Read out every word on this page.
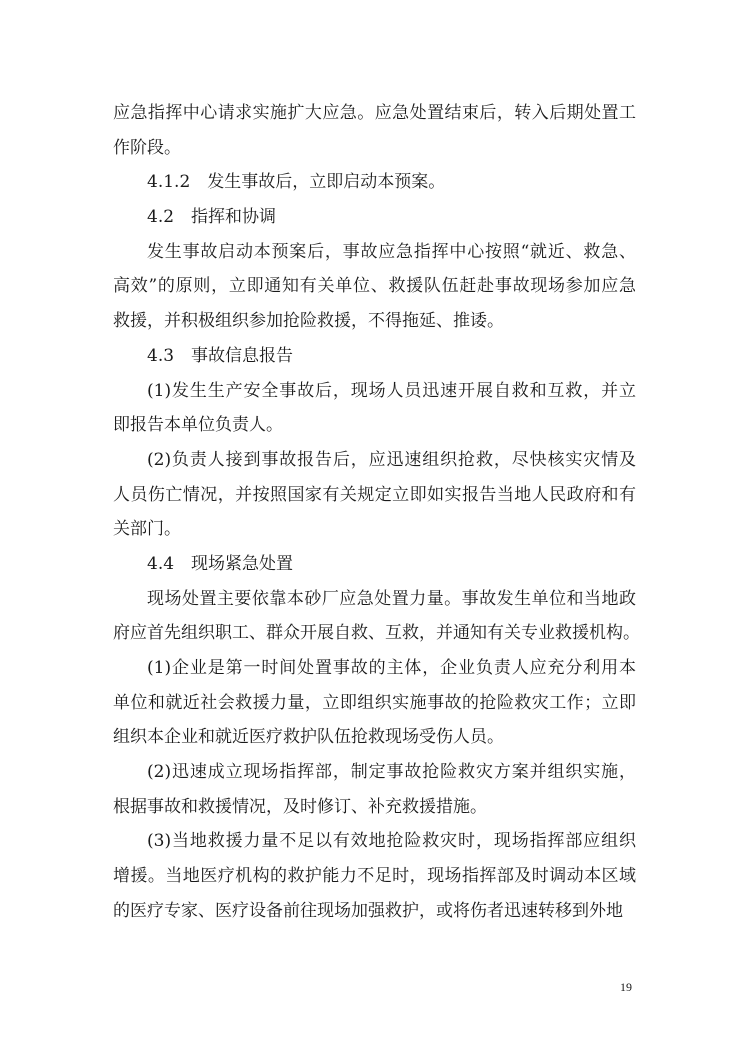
应急指挥中心请求实施扩大应急。应急处置结束后，转入后期处置工
作阶段。
4.1.2　发生事故后，立即启动本预案。
4.2　指挥和协调
发生事故启动本预案后，事故应急指挥中心按照“就近、救急、
高效”的原则，立即通知有关单位、救援队伍赶赴事故现场参加应急
救援，并积极组织参加抢险救援，不得拖延、推诿。
4.3　事故信息报告
(1)发生生产安全事故后，现场人员迅速开展自救和互救，并立
即报告本单位负责人。
(2)负责人接到事故报告后，应迅速组织抢救，尽快核实灾情及
人员伤亡情况，并按照国家有关规定立即如实报告当地人民政府和有
关部门。
4.4　现场紧急处置
现场处置主要依靠本砂厂应急处置力量。事故发生单位和当地政
府应首先组织职工、群众开展自救、互救，并通知有关专业救援机构。
(1)企业是第一时间处置事故的主体，企业负责人应充分利用本
单位和就近社会救援力量，立即组织实施事故的抢险救灾工作；立即
组织本企业和就近医疗救护队伍抢救现场受伤人员。
(2)迅速成立现场指挥部，制定事故抢险救灾方案并组织实施，
根据事故和救援情况，及时修订、补充救援措施。
(3)当地救援力量不足以有效地抢险救灾时，现场指挥部应组织
增援。当地医疗机构的救护能力不足时，现场指挥部及时调动本区域
的医疗专家、医疗设备前往现场加强救护，或将伤者迅速转移到外地
19
